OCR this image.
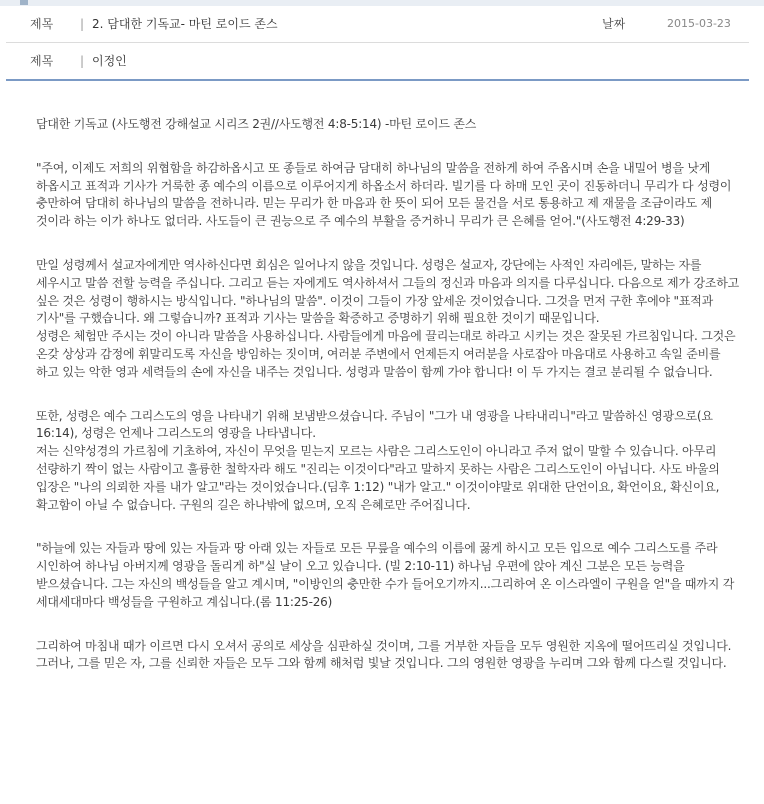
제목 | 2. 담대한 기독교- 마틴 로이드 존스	날짜	2015-03-23
제목 | 이정인

담대한 기독교 (사도행전 강해설교 시리즈 2권//사도행전 4:8-5:14) -마틴 로이드 존스

"주여, 이제도 저희의 위협함을 하감하옵시고 또 종들로 하여금 담대히 하나님의 말씀을 전하게 하여 주옵시며 손을 내밀어 병을 낫게 하옵시고 표적과 기사가 거룩한 종 예수의 이름으로 이루어지게 하옵소서 하더라. 빌기를 다 하매 모인 곳이 진동하더니 무리가 다 성령이 충만하여 담대히 하나님의 말씀을 전하니라. 믿는 무리가 한 마음과 한 뜻이 되어 모든 물건을 서로 통용하고 제 재물을 조금이라도 제 것이라 하는 이가 하나도 없더라. 사도들이 큰 권능으로 주 예수의 부활을 증거하니 무리가 큰 은혜를 얻어."(사도행전 4:29-33)

만일 성령께서 설교자에게만 역사하신다면 회심은 일어나지 않을 것입니다. 성령은 설교자, 강단에는 사적인 자리에든, 말하는 자를 세우시고 말씀 전할 능력을 주십니다. 그리고 듣는 자에게도 역사하셔서 그들의 정신과 마음과 의지를 다루십니다. 다음으로 제가 강조하고 싶은 것은 성령이 행하시는 방식입니다. "하나님의 말씀". 이것이 그들이 가장 앞세운 것이었습니다. 그것을 먼저 구한 후에야 "표적과 기사"를 구했습니다. 왜 그렇습니까? 표적과 기사는 말씀을 확증하고 증명하기 위해 필요한 것이기 때문입니다.
성령은 체험만 주시는 것이 아니라 말씀을 사용하십니다. 사람들에게 마음에 끌리는대로 하라고 시키는 것은 잘못된 가르침입니다. 그것은 온갖 상상과 감정에 휘말리도록 자신을 방임하는 짓이며, 여러분 주변에서 언제든지 여러분을 사로잡아 마음대로 사용하고 속일 준비를 하고 있는 악한 영과 세력들의 손에 자신을 내주는 것입니다. 성령과 말씀이 함께 가야 합니다! 이 두 가지는 결코 분리될 수 없습니다.

또한, 성령은 예수 그리스도의 영을 나타내기 위해 보냄받으셨습니다. 주님이 "그가 내 영광을 나타내리니"라고 말씀하신 영광으로(요 16:14), 성령은 언제나 그리스도의 영광을 나타냅니다.
저는 신약성경의 가르침에 기초하여, 자신이 무엇을 믿는지 모르는 사람은 그리스도인이 아니라고 주저 없이 말할 수 있습니다. 아무리 선량하기 짝이 없는 사람이고 훌륭한 철학자라 해도 "진리는 이것이다"라고 말하지 못하는 사람은 그리스도인이 아닙니다. 사도 바울의 입장은 "나의 의뢰한 자를 내가 알고"라는 것이었습니다.(딤후 1:12) "내가 알고." 이것이야말로 위대한 단언이요, 확언이요, 확신이요, 확고함이 아닐 수 없습니다. 구원의 길은 하나밖에 없으며, 오직 은혜로만 주어집니다.

"하늘에 있는 자들과 땅에 있는 자들과 땅 아래 있는 자들로 모든 무릎을 예수의 이름에 꿇게 하시고 모든 입으로 예수 그리스도를 주라 시인하여 하나님 아버지께 영광을 돌리게 하"실 날이 오고 있습니다. (빌 2:10-11) 하나님 우편에 앉아 계신 그분은 모든 능력을 받으셨습니다. 그는 자신의 백성들을 알고 계시며, "이방인의 충만한 수가 들어오기까지...그리하여 온 이스라엘이 구원을 얻"을 때까지 각 세대세대마다 백성들을 구원하고 계십니다.(롬 11:25-26)

그리하여 마침내 때가 이르면 다시 오셔서 공의로 세상을 심판하실 것이며, 그를 거부한 자들을 모두 영원한 지옥에 떨어뜨리실 것입니다. 그러나, 그를 믿은 자, 그를 신뢰한 자들은 모두 그와 함께 해처럼 빛날 것입니다. 그의 영원한 영광을 누리며 그와 함께 다스릴 것입니다.
